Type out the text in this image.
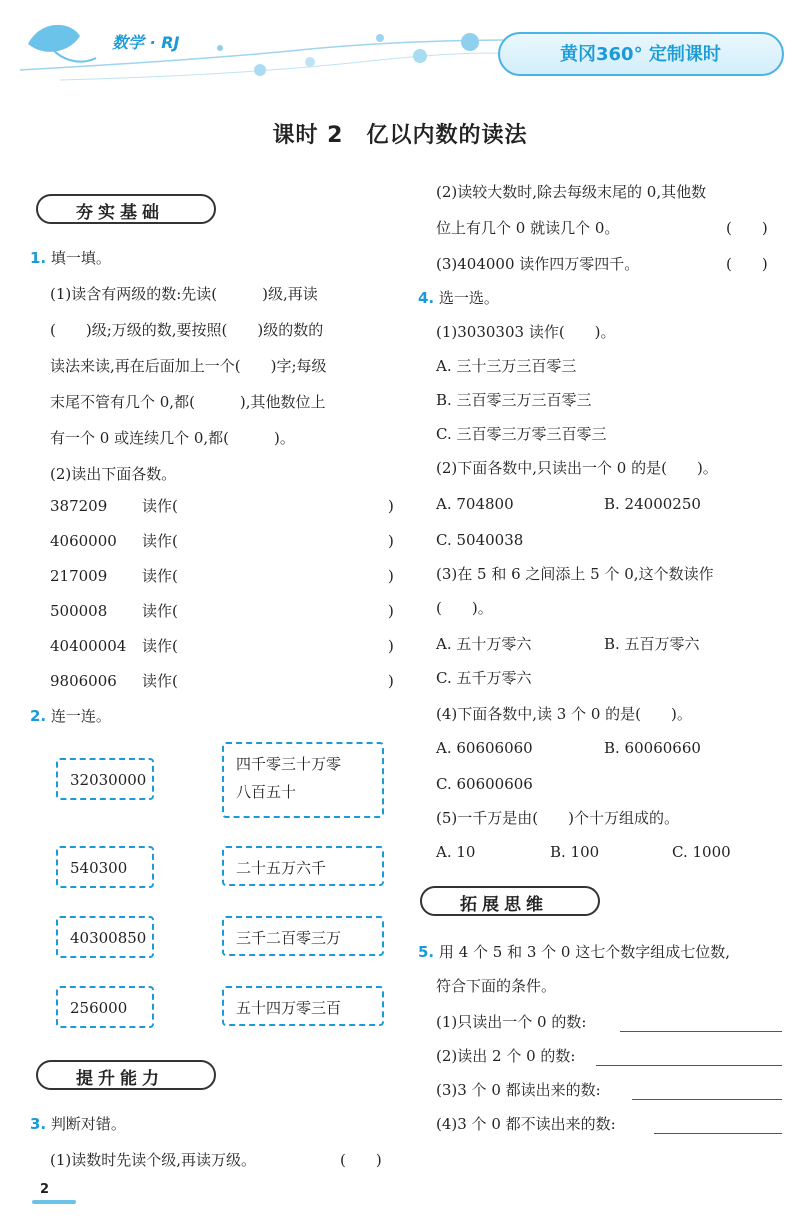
数学 · RJ
黄冈360° 定制课时
课时 2　亿以内数的读法
夯实基础
1. 填一填。
(1)读含有两级的数:先读(　　　)级,再读
(　　)级;万级的数,要按照(　　)级的数的
读法来读,再在后面加上一个(　　)字;每级
末尾不管有几个 0,都(　　　),其他数位上
有一个 0 或连续几个 0,都(　　　)。
(2)读出下面各数。
387209 读作(	)
4060000 读作(	)
217009 读作(	)
500008 读作(	)
40400004 读作(	)
9806006 读作(	)
2. 连一连。
32030000
540300
40300850
256000
四千零三十万零
八百五十
二十五万六千
三千二百零三万
五十四万零三百
提升能力
3. 判断对错。
(1)读数时先读个级,再读万级。	(　　)
2
(2)读较大数时,除去每级末尾的 0,其他数
位上有几个 0 就读几个 0。	(　　)
(3)404000 读作四万零四千。	(　　)
4. 选一选。
(1)3030303 读作(　　)。
A. 三十三万三百零三
B. 三百零三万三百零三
C. 三百零三万零三百零三
(2)下面各数中,只读出一个 0 的是(　　)。
A. 704800	B. 24000250
C. 5040038
(3)在 5 和 6 之间添上 5 个 0,这个数读作
(　　)。
A. 五十万零六	B. 五百万零六
C. 五千万零六
(4)下面各数中,读 3 个 0 的是(　　)。
A. 60606060	B. 60060660
C. 60600606
(5)一千万是由(　　)个十万组成的。
A. 10	B. 100	C. 1000
拓展思维
5. 用 4 个 5 和 3 个 0 这七个数字组成七位数,
符合下面的条件。
(1)只读出一个 0 的数:
(2)读出 2 个 0 的数:
(3)3 个 0 都读出来的数:
(4)3 个 0 都不读出来的数:
